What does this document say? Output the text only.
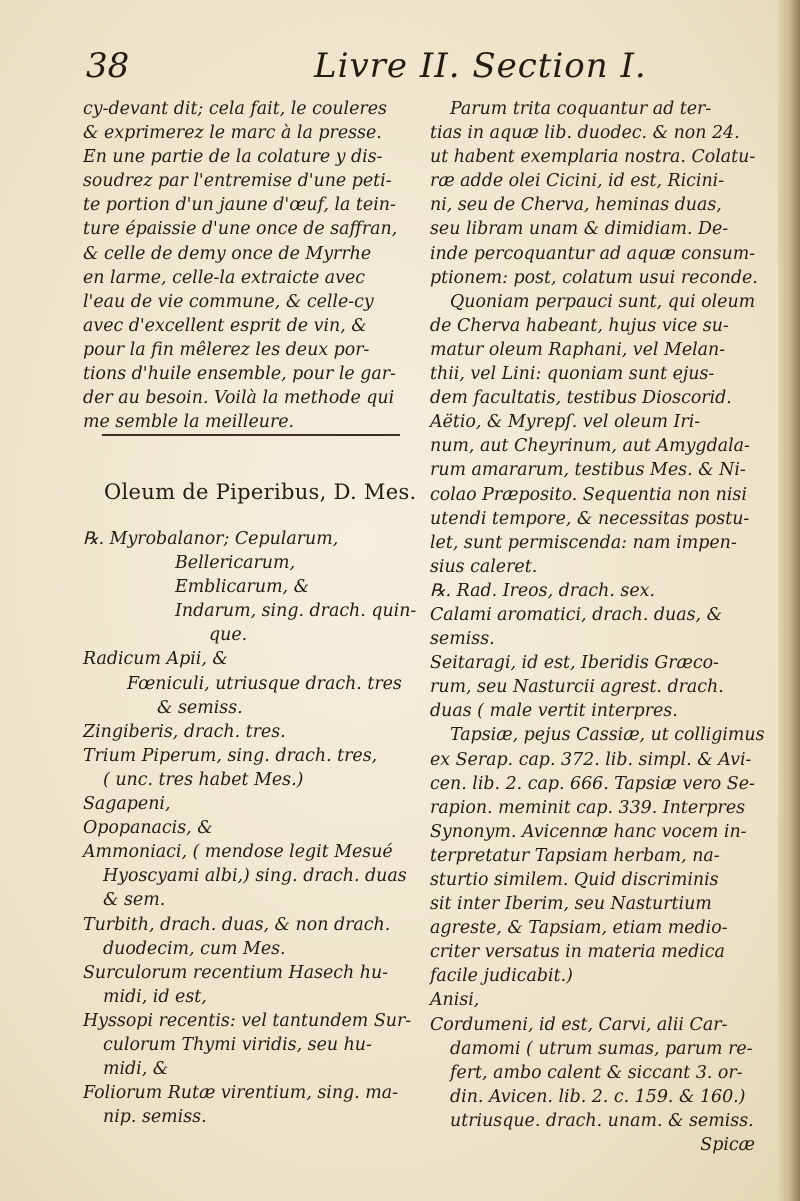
38	Livre II. Section I.
cy-devant dit; cela fait, le couleres
& exprimerez le marc à la presse.
En une partie de la colature y dis-
soudrez par l'entremise d'une peti-
te portion d'un jaune d'œuf, la tein-
ture épaissie d'une once de saffran,
& celle de demy once de Myrrhe
en larme, celle-la extraicte avec
l'eau de vie commune, & celle-cy
avec d'excellent esprit de vin, &
pour la fin mêlerez les deux por-
tions d'huile ensemble, pour le gar-
der au besoin. Voilà la methode qui
me semble la meilleure.
Oleum de Piperibus, D. Mes.
℞. Myrobalanor; Cepularum,
Bellericarum,
Emblicarum, &
Indarum, sing. drach. quin-
que.
Radicum Apii, &
Fœniculi, utriusque drach. tres
& semiss.
Zingiberis, drach. tres.
Trium Piperum, sing. drach. tres,
( unc. tres habet Mes.)
Sagapeni,
Opopanacis, &
Ammoniaci, ( mendose legit Mesué
Hyoscyami albi,) sing. drach. duas
& sem.
Turbith, drach. duas, & non drach.
duodecim, cum Mes.
Surculorum recentium Hasech hu-
midi, id est,
Hyssopi recentis: vel tantundem Sur-
culorum Thymi viridis, seu hu-
midi, &
Foliorum Rutæ virentium, sing. ma-
nip. semiss.
Parum trita coquantur ad ter-
tias in aquæ lib. duodec. & non 24.
ut habent exemplaria nostra. Colatu-
ræ adde olei Cicini, id est, Ricini-
ni, seu de Cherva, heminas duas,
seu libram unam & dimidiam. De-
inde percoquantur ad aquæ consum-
ptionem: post, colatum usui reconde.
Quoniam perpauci sunt, qui oleum
de Cherva habeant, hujus vice su-
matur oleum Raphani, vel Melan-
thii, vel Lini: quoniam sunt ejus-
dem facultatis, testibus Dioscorid.
Aëtio, & Myrepſ. vel oleum Iri-
num, aut Cheyrinum, aut Amygdala-
rum amararum, testibus Mes. & Ni-
colao Præposito. Sequentia non nisi
utendi tempore, & necessitas postu-
let, sunt permiscenda: nam impen-
sius caleret.
℞. Rad. Ireos, drach. sex.
Calami aromatici, drach. duas, &
semiss.
Seitaragi, id est, Iberidis Græco-
rum, seu Nasturcii agrest. drach.
duas ( male vertit interpres.
Tapsiæ, pejus Cassiæ, ut colligimus
ex Serap. cap. 372. lib. simpl. & Avi-
cen. lib. 2. cap. 666. Tapsiæ vero Se-
rapion. meminit cap. 339. Interpres
Synonym. Avicennæ hanc vocem in-
terpretatur Tapsiam herbam, na-
sturtio similem. Quid discriminis
sit inter Iberim, seu Nasturtium
agreste, & Tapsiam, etiam medio-
criter versatus in materia medica
facile judicabit.)
Anisi,
Cordumeni, id est, Carvi, alii Car-
damomi ( utrum sumas, parum re-
fert, ambo calent & siccant 3. or-
din. Avicen. lib. 2. c. 159. & 160.)
utriusque. drach. unam. & semiss.
Spicæ
